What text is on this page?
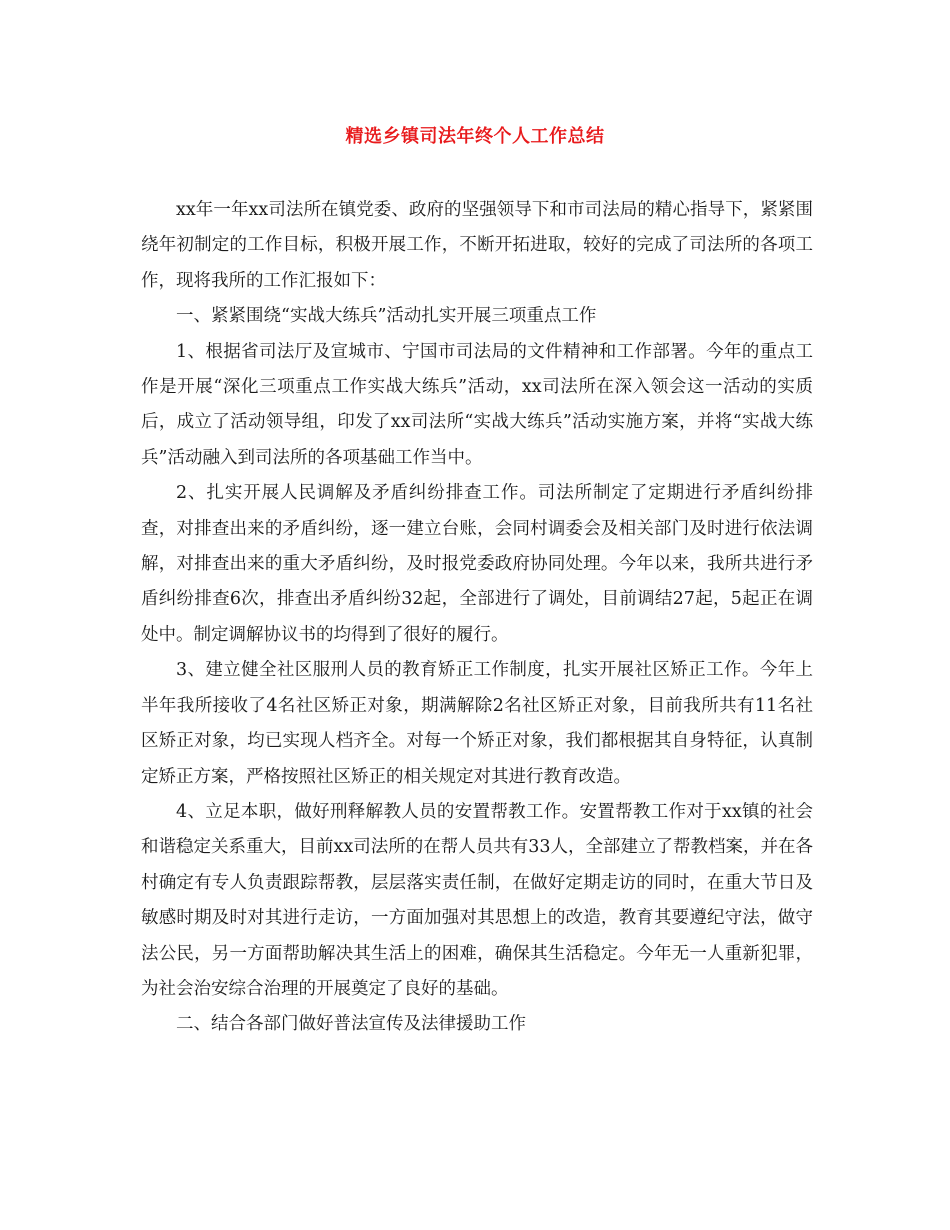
精选乡镇司法年终个人工作总结

xx年一年xx司法所在镇党委、政府的坚强领导下和市司法局的精心指导下，紧紧围绕年初制定的工作目标，积极开展工作，不断开拓进取，较好的完成了司法所的各项工作，现将我所的工作汇报如下：

一、紧紧围绕“实战大练兵”活动扎实开展三项重点工作

1、根据省司法厅及宣城市、宁国市司法局的文件精神和工作部署。今年的重点工作是开展“深化三项重点工作实战大练兵”活动，xx司法所在深入领会这一活动的实质后，成立了活动领导组，印发了xx司法所“实战大练兵”活动实施方案，并将“实战大练兵”活动融入到司法所的各项基础工作当中。

2、扎实开展人民调解及矛盾纠纷排查工作。司法所制定了定期进行矛盾纠纷排查，对排查出来的矛盾纠纷，逐一建立台账，会同村调委会及相关部门及时进行依法调解，对排查出来的重大矛盾纠纷，及时报党委政府协同处理。今年以来，我所共进行矛盾纠纷排查6次，排查出矛盾纠纷32起，全部进行了调处，目前调结27起，5起正在调处中。制定调解协议书的均得到了很好的履行。

3、建立健全社区服刑人员的教育矫正工作制度，扎实开展社区矫正工作。今年上半年我所接收了4名社区矫正对象，期满解除2名社区矫正对象，目前我所共有11名社区矫正对象，均已实现人档齐全。对每一个矫正对象，我们都根据其自身特征，认真制定矫正方案，严格按照社区矫正的相关规定对其进行教育改造。

4、立足本职，做好刑释解教人员的安置帮教工作。安置帮教工作对于xx镇的社会和谐稳定关系重大，目前xx司法所的在帮人员共有33人，全部建立了帮教档案，并在各村确定有专人负责跟踪帮教，层层落实责任制，在做好定期走访的同时，在重大节日及敏感时期及时对其进行走访，一方面加强对其思想上的改造，教育其要遵纪守法，做守法公民，另一方面帮助解决其生活上的困难，确保其生活稳定。今年无一人重新犯罪，为社会治安综合治理的开展奠定了良好的基础。

二、结合各部门做好普法宣传及法律援助工作
